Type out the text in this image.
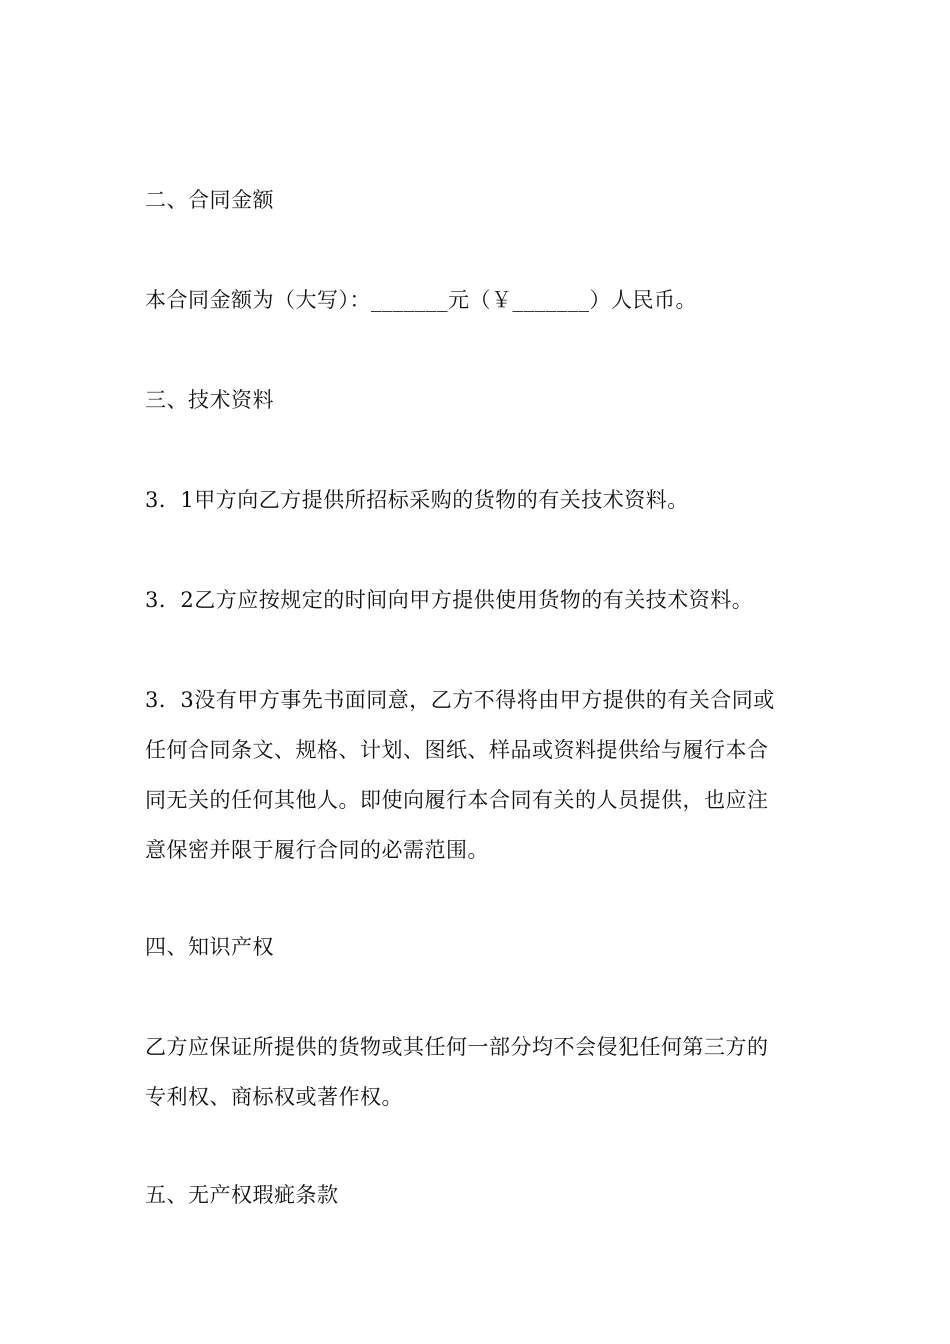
二、合同金额
本合同金额为（大写）：_______元（￥_______）人民币。
三、技术资料
3．1甲方向乙方提供所招标采购的货物的有关技术资料。
3．2乙方应按规定的时间向甲方提供使用货物的有关技术资料。
3．3没有甲方事先书面同意，乙方不得将由甲方提供的有关合同或
任何合同条文、规格、计划、图纸、样品或资料提供给与履行本合
同无关的任何其他人。即使向履行本合同有关的人员提供，也应注
意保密并限于履行合同的必需范围。
四、知识产权
乙方应保证所提供的货物或其任何一部分均不会侵犯任何第三方的
专利权、商标权或著作权。
五、无产权瑕疵条款
